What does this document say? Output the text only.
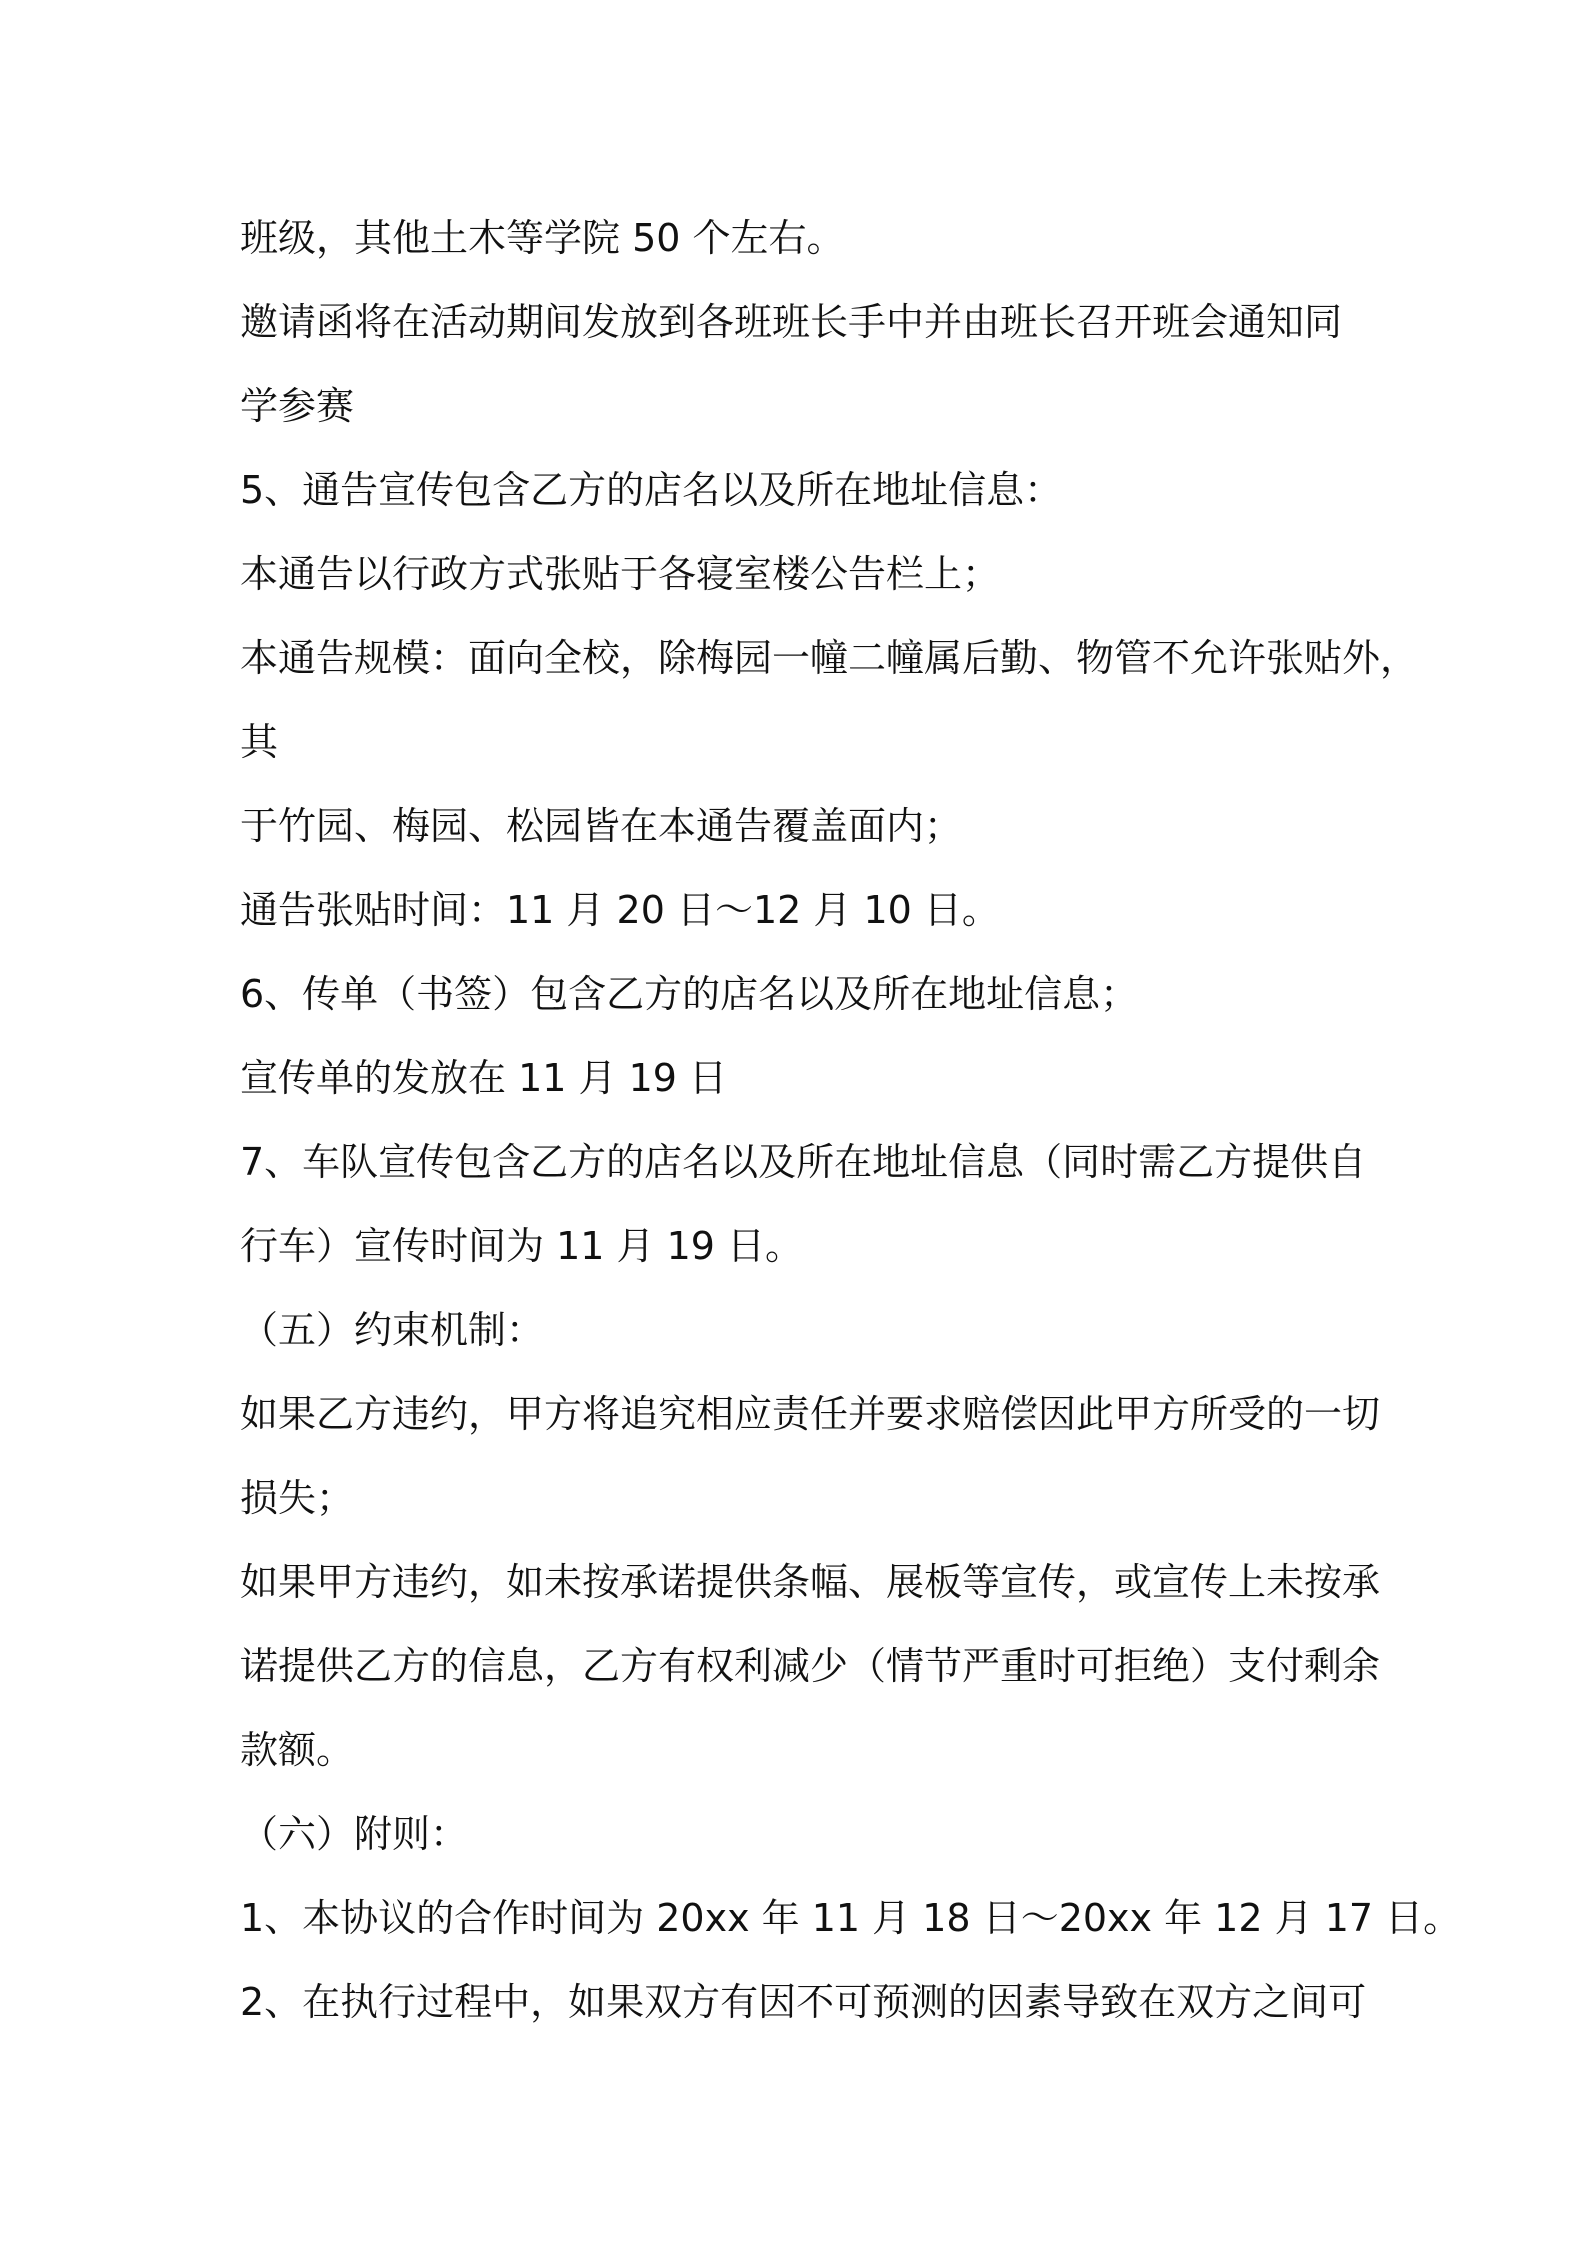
班级，其他土木等学院 50 个左右。
邀请函将在活动期间发放到各班班长手中并由班长召开班会通知同
学参赛
5、通告宣传包含乙方的店名以及所在地址信息：
本通告以行政方式张贴于各寝室楼公告栏上；
本通告规模：面向全校，除梅园一幢二幢属后勤、物管不允许张贴外，
其
于竹园、梅园、松园皆在本通告覆盖面内；
通告张贴时间：11 月 20 日～12 月 10 日。
6、传单（书签）包含乙方的店名以及所在地址信息；
宣传单的发放在 11 月 19 日
7、车队宣传包含乙方的店名以及所在地址信息（同时需乙方提供自
行车）宣传时间为 11 月 19 日。
（五）约束机制：
如果乙方违约，甲方将追究相应责任并要求赔偿因此甲方所受的一切
损失；
如果甲方违约，如未按承诺提供条幅、展板等宣传，或宣传上未按承
诺提供乙方的信息，乙方有权利减少（情节严重时可拒绝）支付剩余
款额。
（六）附则：
1、本协议的合作时间为 20xx 年 11 月 18 日～20xx 年 12 月 17 日。
2、在执行过程中，如果双方有因不可预测的因素导致在双方之间可
